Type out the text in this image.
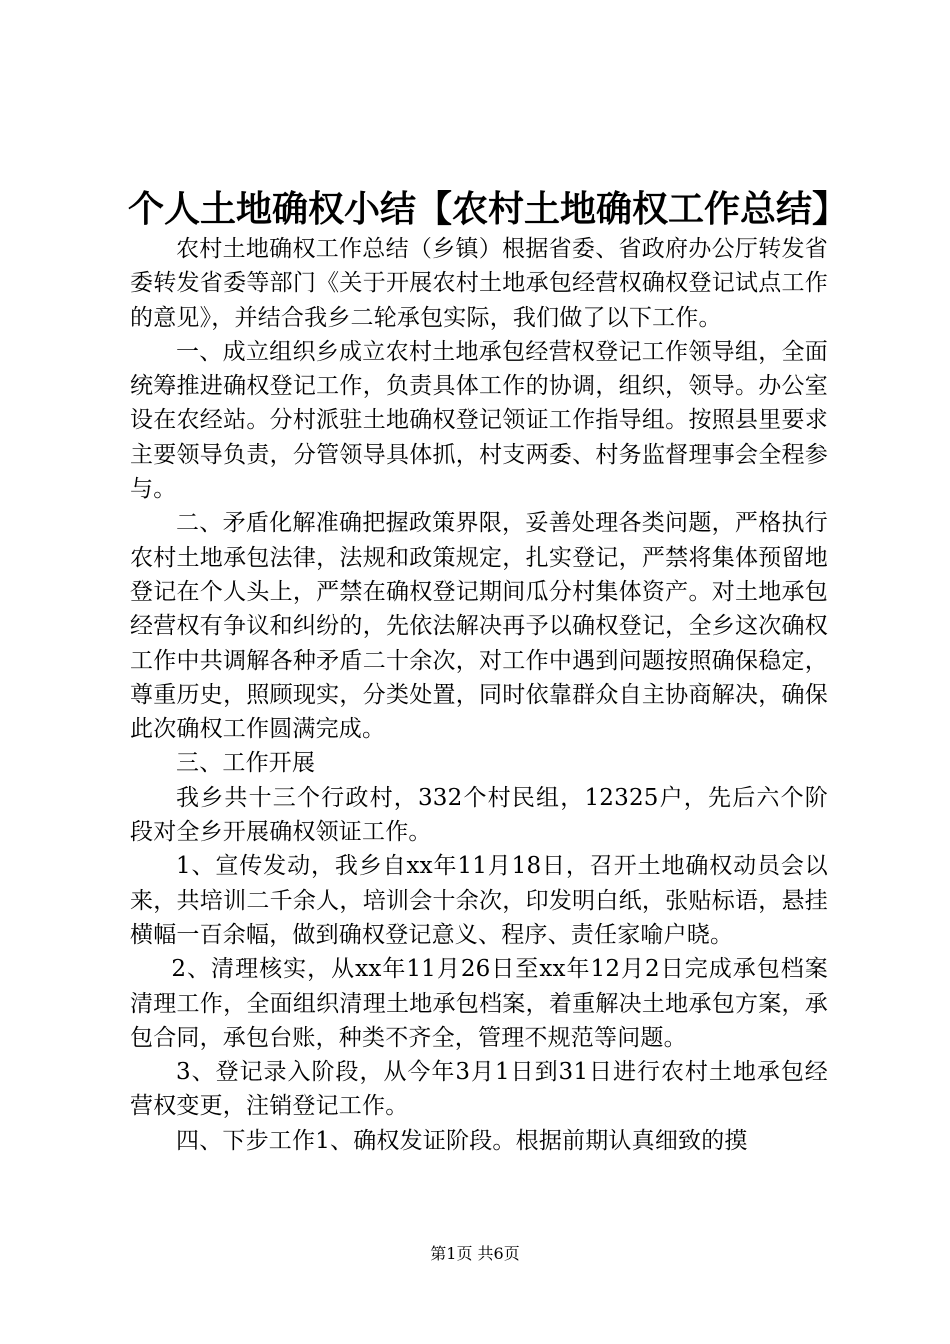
个人土地确权小结【农村土地确权工作总结】

农村土地确权工作总结（乡镇）根据省委、省政府办公厅转发省委转发省委等部门《关于开展农村土地承包经营权确权登记试点工作的意见》，并结合我乡二轮承包实际，我们做了以下工作。

一、成立组织乡成立农村土地承包经营权登记工作领导组，全面统筹推进确权登记工作，负责具体工作的协调，组织，领导。办公室设在农经站。分村派驻土地确权登记领证工作指导组。按照县里要求主要领导负责，分管领导具体抓，村支两委、村务监督理事会全程参与。

二、矛盾化解准确把握政策界限，妥善处理各类问题，严格执行农村土地承包法律，法规和政策规定，扎实登记，严禁将集体预留地登记在个人头上，严禁在确权登记期间瓜分村集体资产。对土地承包经营权有争议和纠纷的，先依法解决再予以确权登记，全乡这次确权工作中共调解各种矛盾二十余次，对工作中遇到问题按照确保稳定，尊重历史，照顾现实，分类处置，同时依靠群众自主协商解决，确保此次确权工作圆满完成。

三、工作开展

我乡共十三个行政村，332个村民组，12325户，先后六个阶段对全乡开展确权领证工作。

1、宣传发动，我乡自xx年11月18日，召开土地确权动员会以来，共培训二千余人，培训会十余次，印发明白纸，张贴标语，悬挂横幅一百余幅，做到确权登记意义、程序、责任家喻户晓。

2、清理核实，从xx年11月26日至xx年12月2日完成承包档案清理工作，全面组织清理土地承包档案，着重解决土地承包方案，承包合同，承包台账，种类不齐全，管理不规范等问题。

3、登记录入阶段，从今年3月1日到31日进行农村土地承包经营权变更，注销登记工作。

四、下步工作1、确权发证阶段。根据前期认真细致的摸

第1页 共6页
